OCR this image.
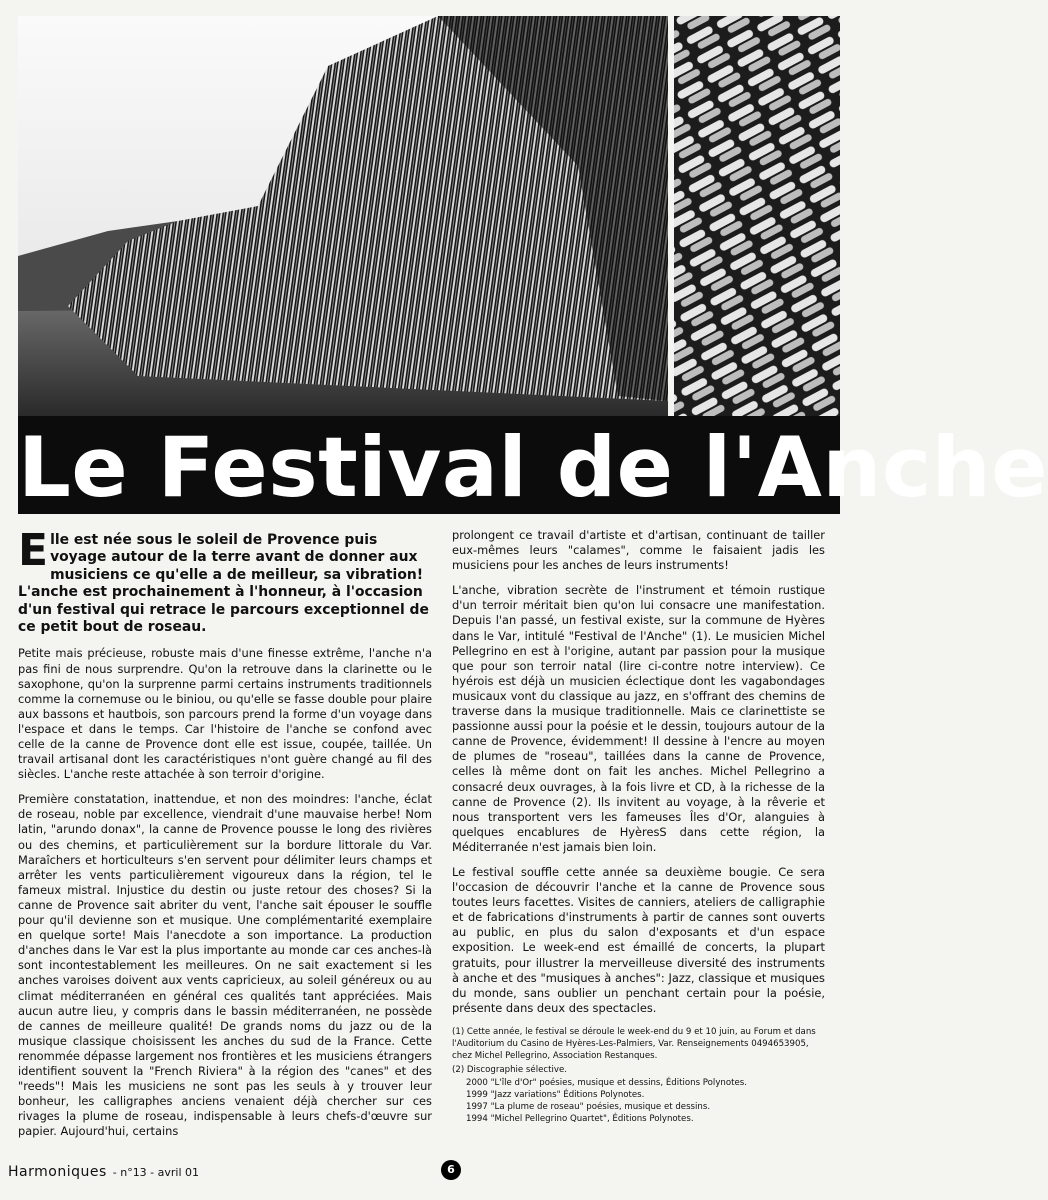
Le Festival de l'Anche
Elle est née sous le soleil de Provence puis voyage autour de la terre avant de donner aux musiciens ce qu'elle a de meilleur, sa vibration! L'anche est prochainement à l'honneur, à l'occasion d'un festival qui retrace le parcours exceptionnel de ce petit bout de roseau.

Petite mais précieuse, robuste mais d'une finesse extrême, l'anche n'a pas fini de nous surprendre. Qu'on la retrouve dans la clarinette ou le saxophone, qu'on la surprenne parmi certains instruments traditionnels comme la cornemuse ou le biniou, ou qu'elle se fasse double pour plaire aux bassons et hautbois, son parcours prend la forme d'un voyage dans l'espace et dans le temps. Car l'histoire de l'anche se confond avec celle de la canne de Provence dont elle est issue, coupée, taillée. Un travail artisanal dont les caractéristiques n'ont guère changé au fil des siècles. L'anche reste attachée à son terroir d'origine.

Première constatation, inattendue, et non des moindres: l'anche, éclat de roseau, noble par excellence, viendrait d'une mauvaise herbe! Nom latin, "arundo donax", la canne de Provence pousse le long des rivières ou des chemins, et particulièrement sur la bordure littorale du Var. Maraîchers et horticulteurs s'en servent pour délimiter leurs champs et arrêter les vents particulièrement vigoureux dans la région, tel le fameux mistral. Injustice du destin ou juste retour des choses? Si la canne de Provence sait abriter du vent, l'anche sait épouser le souffle pour qu'il devienne son et musique. Une complémentarité exemplaire en quelque sorte! Mais l'anecdote a son importance. La production d'anches dans le Var est la plus importante au monde car ces anches-là sont incontestablement les meilleures. On ne sait exactement si les anches varoises doivent aux vents capricieux, au soleil généreux ou au climat méditerranéen en général ces qualités tant appréciées. Mais aucun autre lieu, y compris dans le bassin méditerranéen, ne possède de cannes de meilleure qualité! De grands noms du jazz ou de la musique classique choisissent les anches du sud de la France. Cette renommée dépasse largement nos frontières et les musiciens étrangers identifient souvent la "French Riviera" à la région des "canes" et des "reeds"! Mais les musiciens ne sont pas les seuls à y trouver leur bonheur, les calligraphes anciens venaient déjà chercher sur ces rivages la plume de roseau, indispensable à leurs chefs-d'œuvre sur papier. Aujourd'hui, certains

prolongent ce travail d'artiste et d'artisan, continuant de tailler eux-mêmes leurs "calames", comme le faisaient jadis les musiciens pour les anches de leurs instruments!

L'anche, vibration secrète de l'instrument et témoin rustique d'un terroir méritait bien qu'on lui consacre une manifestation. Depuis l'an passé, un festival existe, sur la commune de Hyères dans le Var, intitulé "Festival de l'Anche" (1). Le musicien Michel Pellegrino en est à l'origine, autant par passion pour la musique que pour son terroir natal (lire ci-contre notre interview). Ce hyérois est déjà un musicien éclectique dont les vagabondages musicaux vont du classique au jazz, en s'offrant des chemins de traverse dans la musique traditionnelle. Mais ce clarinettiste se passionne aussi pour la poésie et le dessin, toujours autour de la canne de Provence, évidemment! Il dessine à l'encre au moyen de plumes de "roseau", taillées dans la canne de Provence, celles là même dont on fait les anches. Michel Pellegrino a consacré deux ouvrages, à la fois livre et CD, à la richesse de la canne de Provence (2). Ils invitent au voyage, à la rêverie et nous transportent vers les fameuses Îles d'Or, alanguies à quelques encablures de HyèresS dans cette région, la Méditerranée n'est jamais bien loin.

Le festival souffle cette année sa deuxième bougie. Ce sera l'occasion de découvrir l'anche et la canne de Provence sous toutes leurs facettes. Visites de canniers, ateliers de calligraphie et de fabrications d'instruments à partir de cannes sont ouverts au public, en plus du salon d'exposants et d'un espace exposition. Le week-end est émaillé de concerts, la plupart gratuits, pour illustrer la merveilleuse diversité des instruments à anche et des "musiques à anches": Jazz, classique et musiques du monde, sans oublier un penchant certain pour la poésie, présente dans deux des spectacles.

(1) Cette année, le festival se déroule le week-end du 9 et 10 juin, au Forum et dans l'Auditorium du Casino de Hyères-Les-Palmiers, Var. Renseignements 0494653905, chez Michel Pellegrino, Association Restanques.

(2) Discographie sélective.

2000 "L'île d'Or" poésies, musique et dessins, Éditions Polynotes.
1999 "Jazz variations" Éditions Polynotes.
1997 "La plume de roseau" poésies, musique et dessins.
1994 "Michel Pellegrino Quartet", Éditions Polynotes.
Harmoniques - n°13 - avril 01	6
